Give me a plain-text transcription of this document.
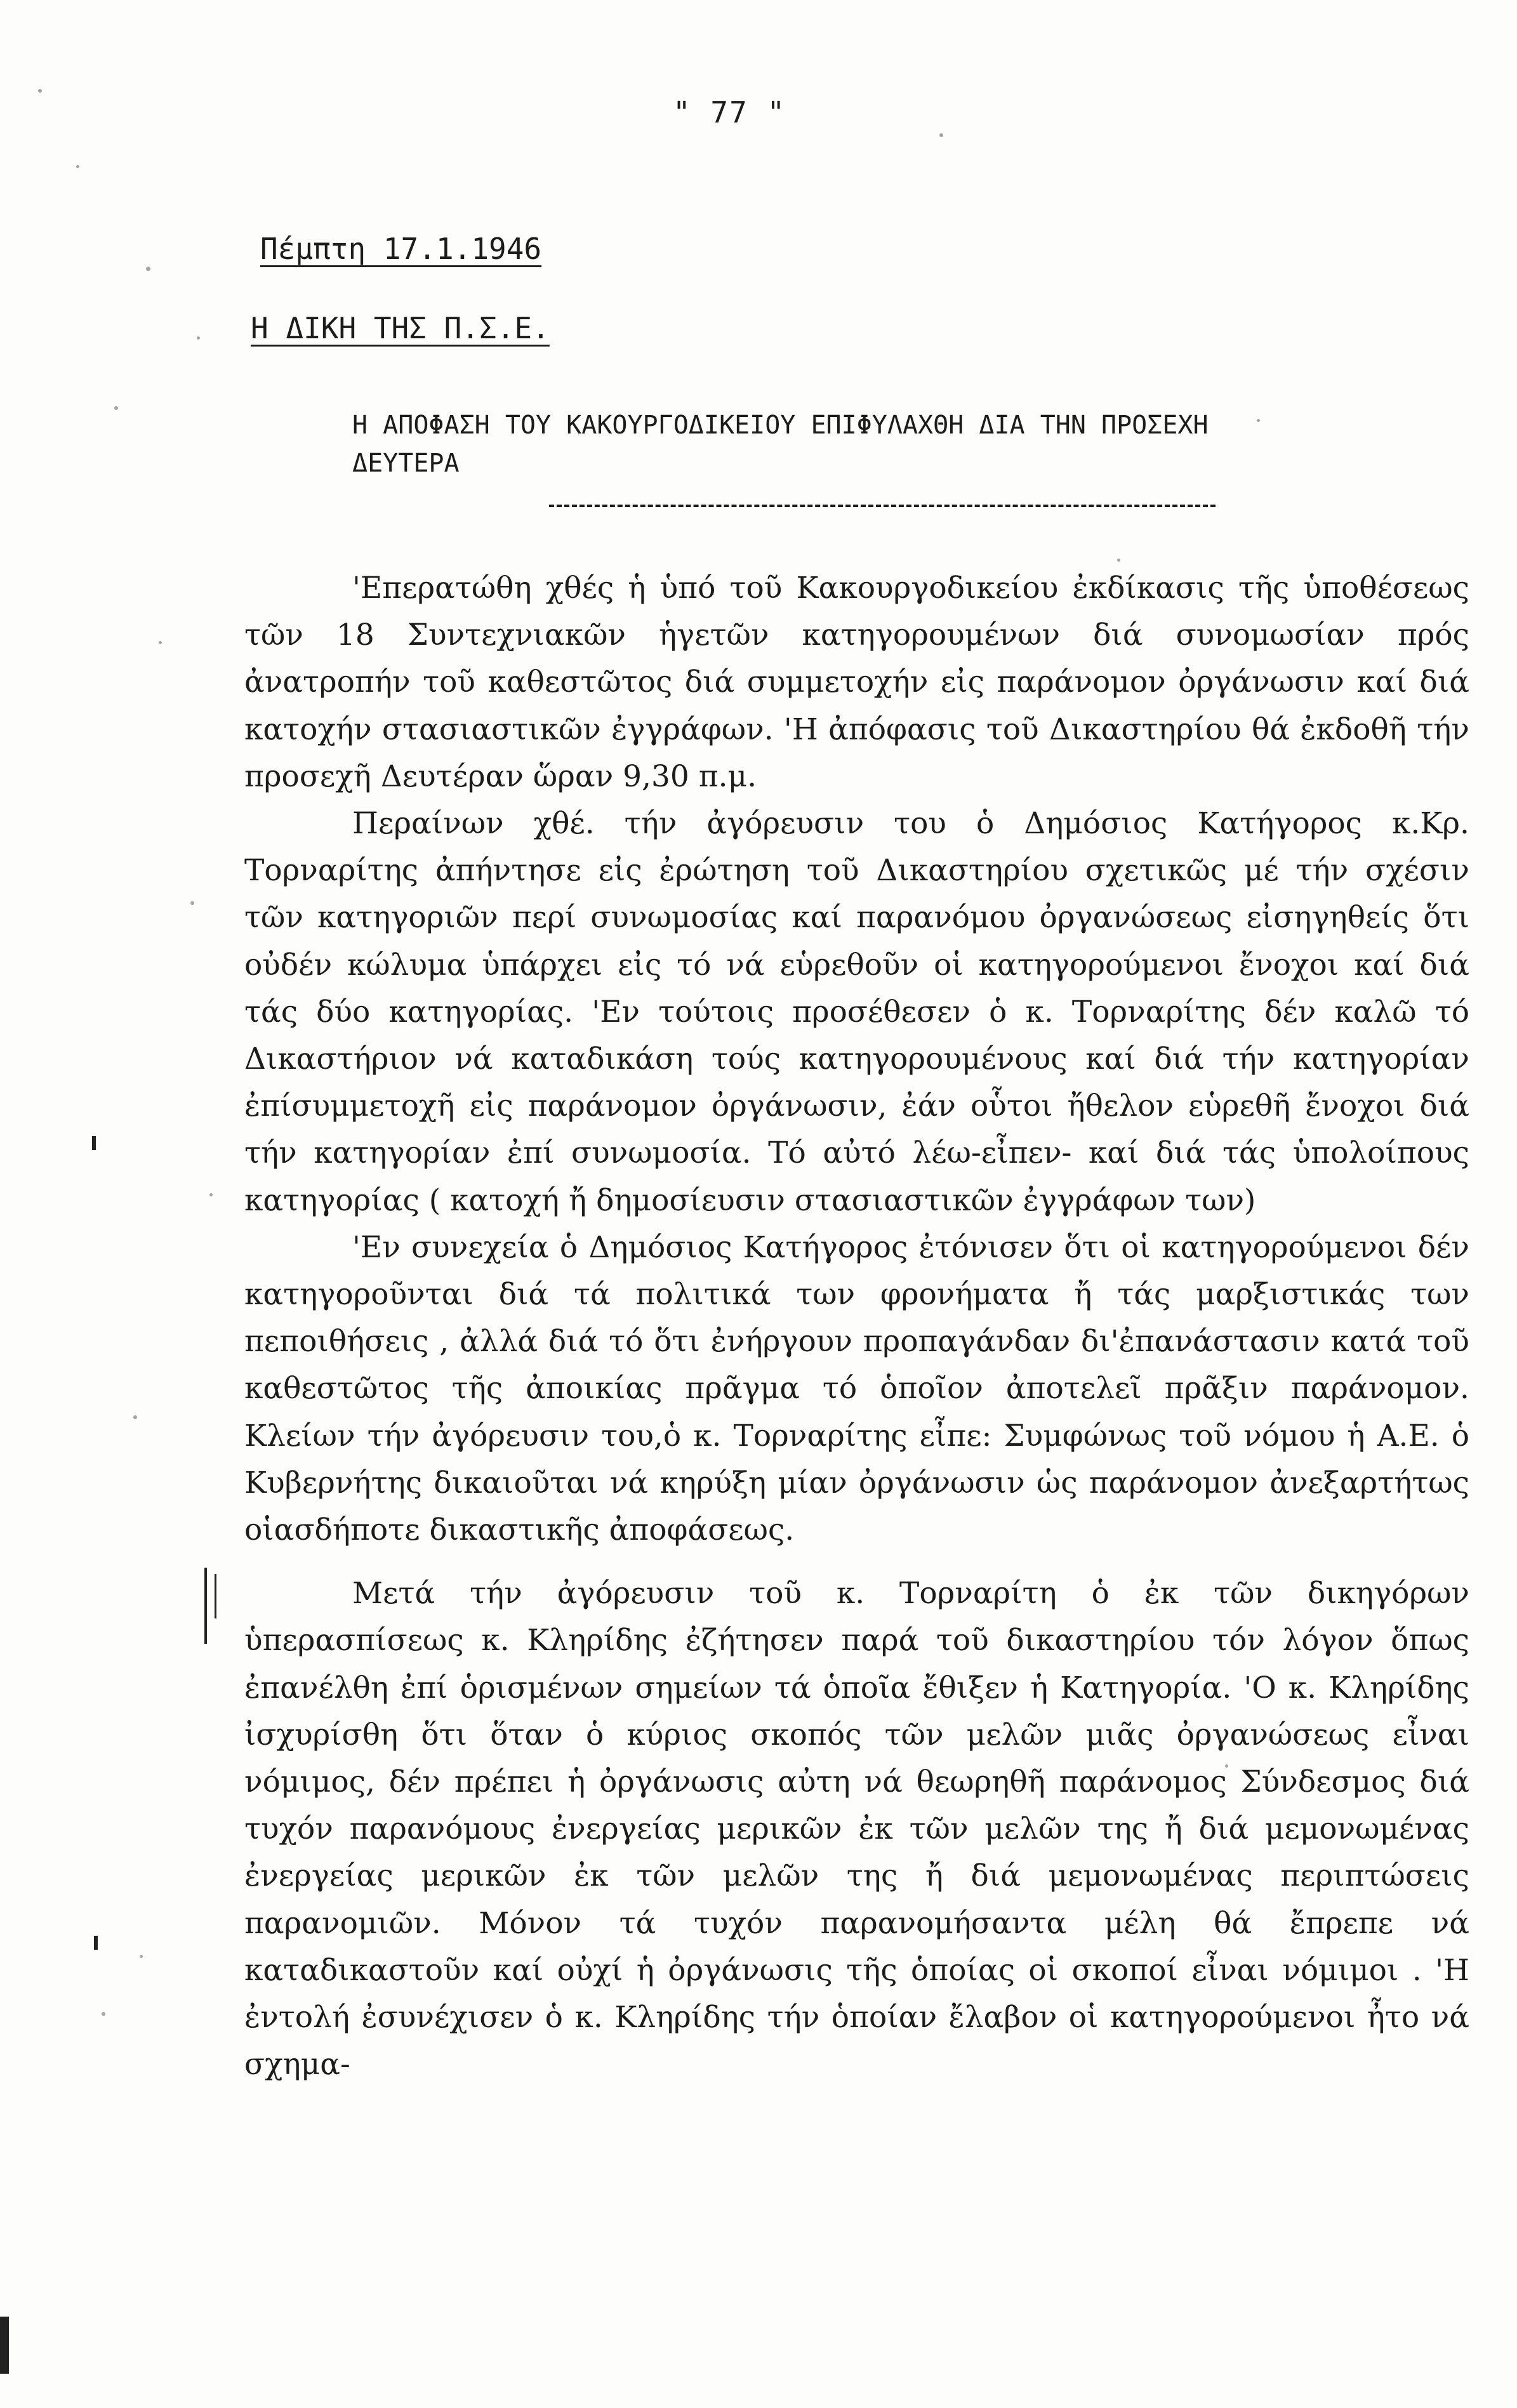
" 77 "
Πέμπτη 17.1.1946
Η ΔΙΚΗ ΤΗΣ Π.Σ.Ε.
Η ΑΠΟΦΑΣΗ ΤΟΥ ΚΑΚΟΥΡΓΟΔΙΚΕΙΟΥ ΕΠΙΦΥΛΑΧΘΗ ΔΙΑ ΤΗΝ ΠΡΟΣΕΧΗ ΔΕΥΤΕΡΑ

'Επερατώθη χθές ἡ ὑπό τοῦ Κακουργοδικείου ἐκδίκασις τῆς ὑποθέσεως τῶν 18 Συντεχνιακῶν ἡγετῶν κατηγορουμένων διά συνομωσίαν πρός ἀνατροπήν τοῦ καθεστῶτος διά συμμετοχήν εἰς παράνομον ὀργάνωσιν καί διά κατοχήν στασιαστικῶν ἐγγράφων. 'Η ἀπόφασις τοῦ Δικαστηρίου θά ἐκδοθῆ τήν προσεχῆ Δευτέραν ὥραν 9,30 π.μ.

Περαίνων χθέ. τήν ἀγόρευσιν του ὁ Δημόσιος Κατήγορος κ.Κρ. Τορναρίτης ἀπήντησε εἰς ἐρώτηση τοῦ Δικαστηρίου σχετικῶς μέ τήν σχέσιν τῶν κατηγοριῶν περί συνωμοσίας καί παρανόμου ὀργανώσεως εἰσηγηθείς ὅτι οὐδέν κώλυμα ὑπάρχει εἰς τό νά εὑρεθοῦν οἱ κατηγορούμενοι ἔνοχοι καί διά τάς δύο κατηγορίας. 'Εν τούτοις προσέθεσεν ὁ κ. Τορναρίτης δέν καλῶ τό Δικαστήριον νά καταδικάση τούς κατηγορουμένους καί διά τήν κατηγορίαν ἐπίσυμμετοχῆ εἰς παράνομον ὀργάνωσιν, ἐάν οὗτοι ἤθελον εὑρεθῆ ἔνοχοι διά τήν κατηγορίαν ἐπί συνωμοσία. Τό αὐτό λέω-εἶπεν- καί διά τάς ὑπολοίπους κατηγορίας ( κατοχή ἤ δημοσίευσιν στασιαστικῶν ἐγγράφων των)

'Εν συνεχεία ὁ Δημόσιος Κατήγορος ἐτόνισεν ὅτι οἱ κατηγορούμενοι δέν κατηγοροῦνται διά τά πολιτικά των φρονήματα ἤ τάς μαρξιστικάς των πεποιθήσεις , ἀλλά διά τό ὅτι ἐνήργουν προπαγάνδαν δι'ἐπανάστασιν κατά τοῦ καθεστῶτος τῆς ἀποικίας πρᾶγμα τό ὁποῖον ἀποτελεῖ πρᾶξιν παράνομον. Κλείων τήν ἀγόρευσιν του,ὁ κ. Τορναρίτης εἶπε: Συμφώνως τοῦ νόμου ἡ Α.Ε. ὁ Κυβερνήτης δικαιοῦται νά κηρύξη μίαν ὀργάνωσιν ὡς παράνομον ἀνεξαρτήτως οἱασδήποτε δικαστικῆς ἀποφάσεως.

Μετά τήν ἀγόρευσιν τοῦ κ. Τορναρίτη ὁ ἐκ τῶν δικηγόρων ὑπερασπίσεως κ. Κληρίδης ἐζήτησεν παρά τοῦ δικαστηρίου τόν λόγον ὅπως ἐπανέλθη ἐπί ὁρισμένων σημείων τά ὁποῖα ἔθιξεν ἡ Κατηγορία. 'Ο κ. Κληρίδης ἰσχυρίσθη ὅτι ὅταν ὁ κύριος σκοπός τῶν μελῶν μιᾶς ὀργανώσεως εἶναι νόμιμος, δέν πρέπει ἡ ὀργάνωσις αὐτη νά θεωρηθῆ παράνομος Σύνδεσμος διά τυχόν παρανόμους ἐνεργείας μερικῶν ἐκ τῶν μελῶν της ἤ διά μεμονωμένας ἐνεργείας μερικῶν ἐκ τῶν μελῶν της ἤ διά μεμονωμένας περιπτώσεις παρανομιῶν. Μόνον τά τυχόν παρανομήσαντα μέλη θά ἔπρεπε νά καταδικαστοῦν καί οὐχί ἡ ὀργάνωσις τῆς ὁποίας οἱ σκοποί εἶναι νόμιμοι . 'Η ἐντολή ἐσυνέχισεν ὁ κ. Κληρίδης τήν ὁποίαν ἔλαβον οἱ κατηγορούμενοι ἦτο νά σχημα-
